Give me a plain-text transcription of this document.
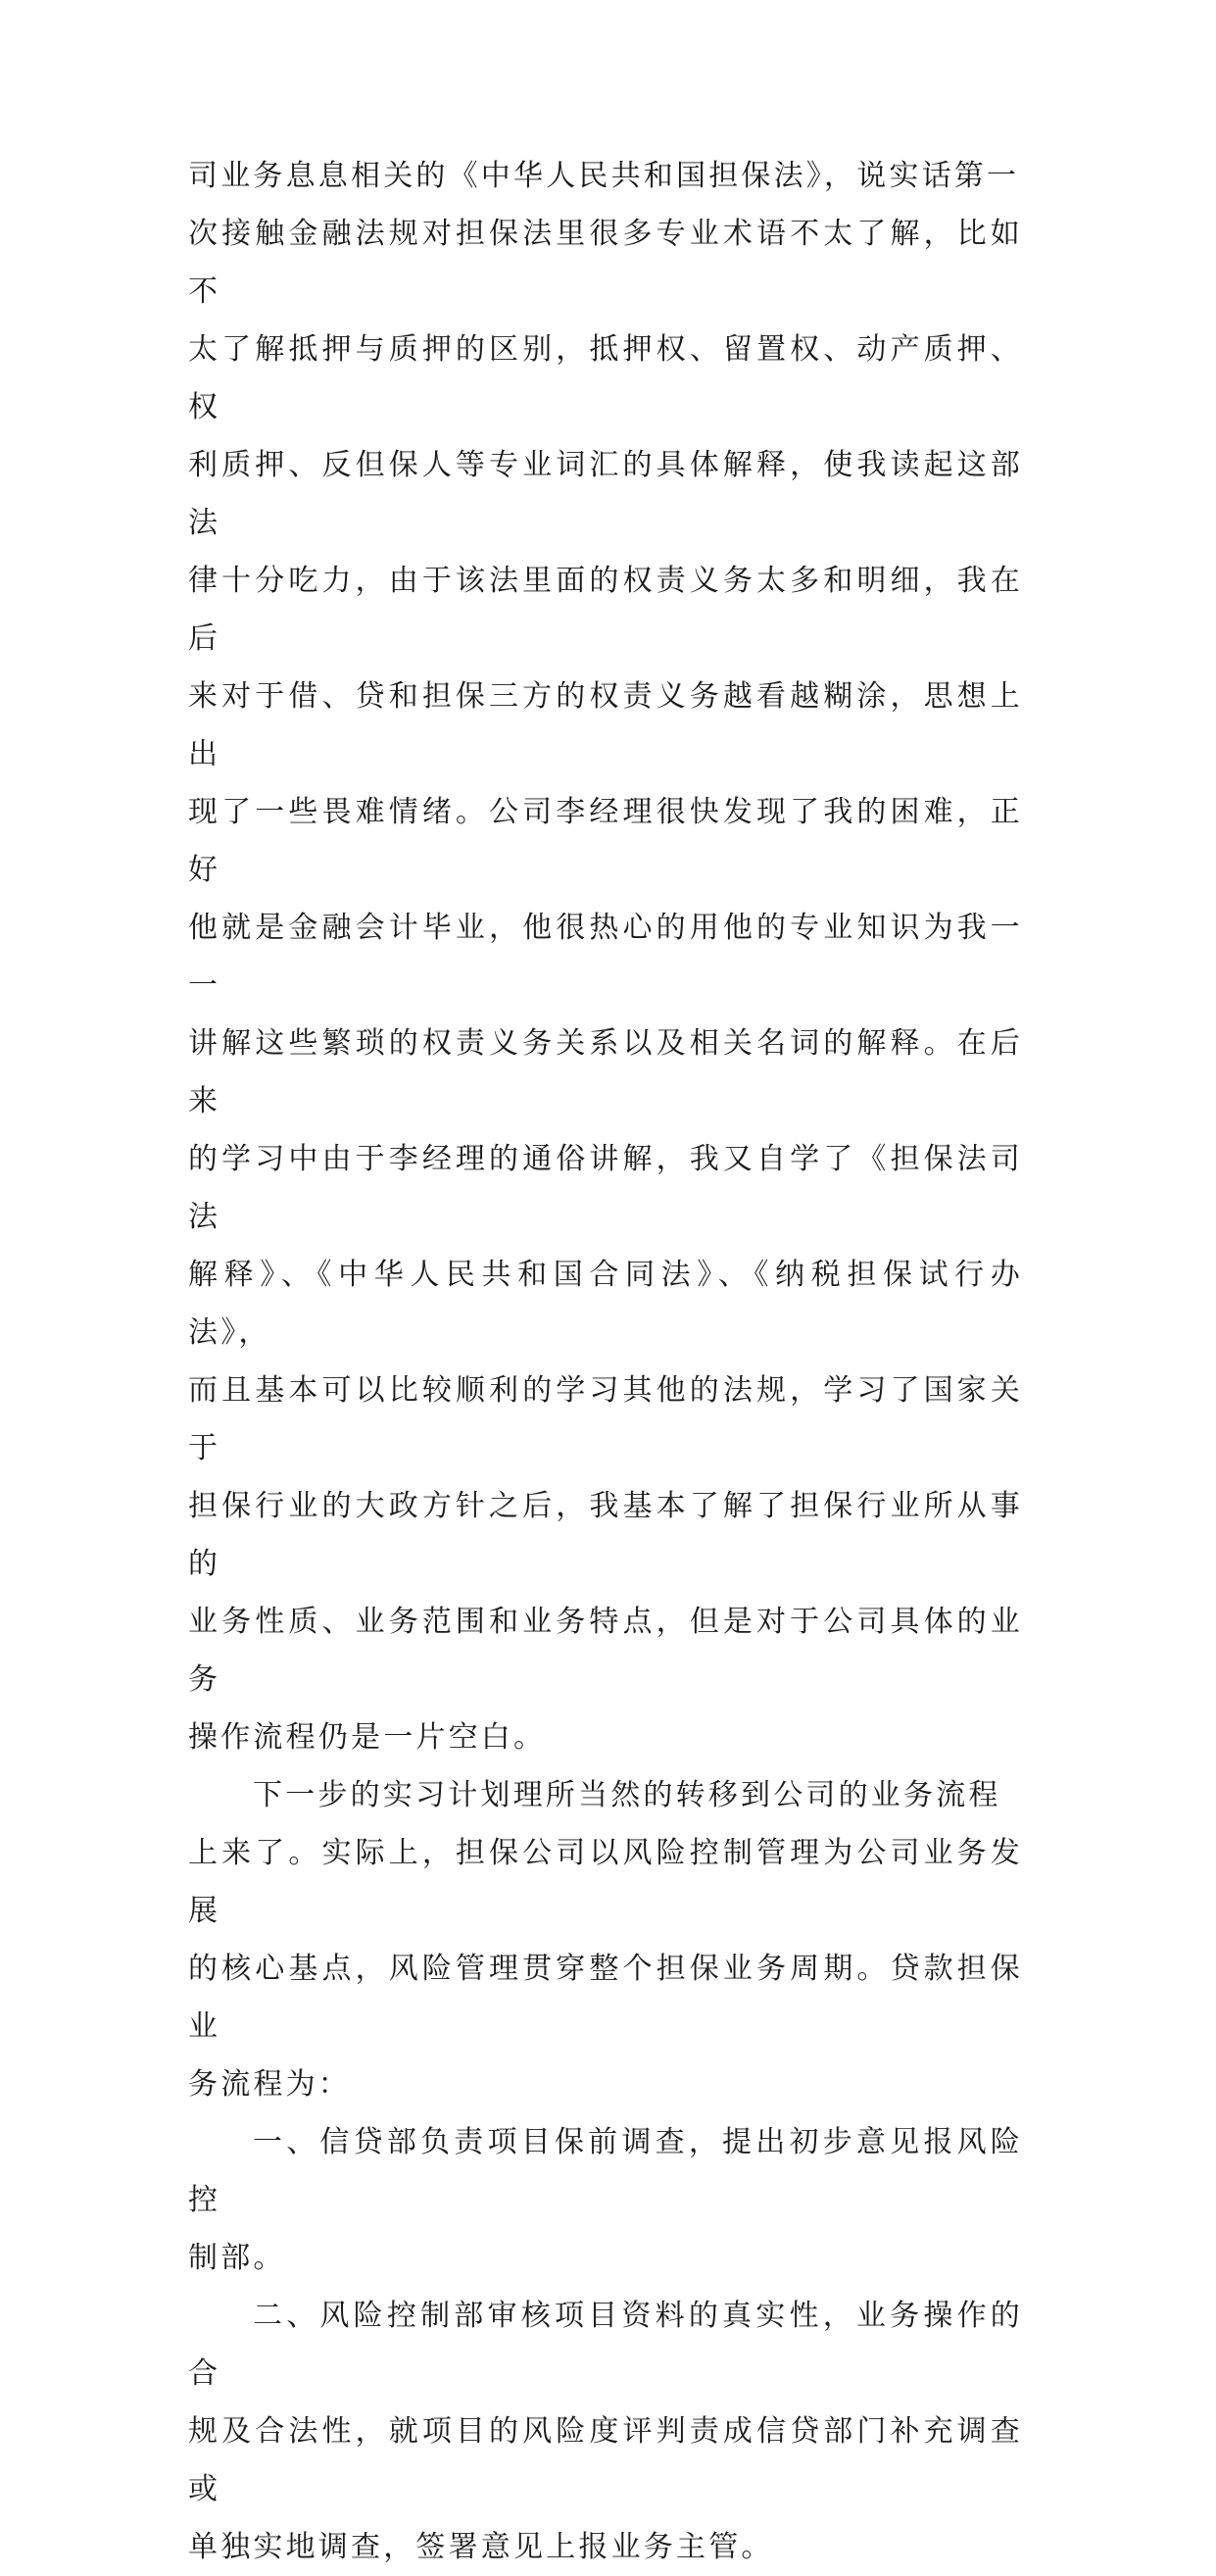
司业务息息相关的《中华人民共和国担保法》，说实话第一
次接触金融法规对担保法里很多专业术语不太了解，比如不
太了解抵押与质押的区别，抵押权、留置权、动产质押、权
利质押、反但保人等专业词汇的具体解释，使我读起这部法
律十分吃力，由于该法里面的权责义务太多和明细，我在后
来对于借、贷和担保三方的权责义务越看越糊涂，思想上出
现了一些畏难情绪。公司李经理很快发现了我的困难，正好
他就是金融会计毕业，他很热心的用他的专业知识为我一一
讲解这些繁琐的权责义务关系以及相关名词的解释。在后来
的学习中由于李经理的通俗讲解，我又自学了《担保法司法
解释》、《中华人民共和国合同法》、《纳税担保试行办法》，
而且基本可以比较顺利的学习其他的法规，学习了国家关于
担保行业的大政方针之后，我基本了解了担保行业所从事的
业务性质、业务范围和业务特点，但是对于公司具体的业务
操作流程仍是一片空白。
下一步的实习计划理所当然的转移到公司的业务流程
上来了。实际上，担保公司以风险控制管理为公司业务发展
的核心基点，风险管理贯穿整个担保业务周期。贷款担保业
务流程为：
一、信贷部负责项目保前调查，提出初步意见报风险控
制部。
二、风险控制部审核项目资料的真实性，业务操作的合
规及合法性，就项目的风险度评判责成信贷部门补充调查或
单独实地调查，签署意见上报业务主管。
